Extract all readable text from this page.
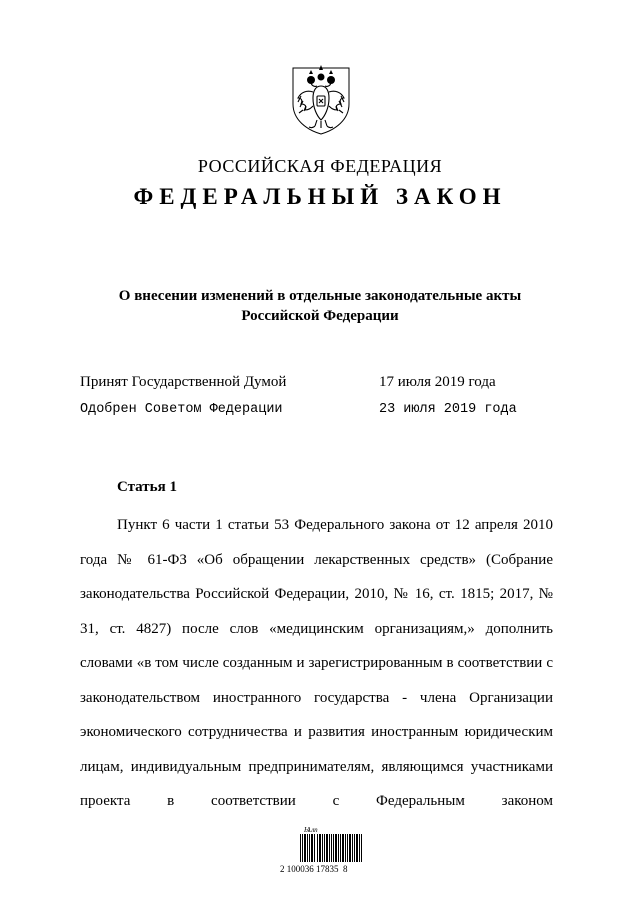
РОССИЙСКАЯ ФЕДЕРАЦИЯ
ФЕДЕРАЛЬНЫЙ ЗАКОН
О внесении изменений в отдельные законодательные акты Российской Федерации
Принят Государственной Думой	17 июля 2019 года
Одобрен Советом Федерации	23 июля 2019 года
Статья 1

Пункт 6 части 1 статьи 53 Федерального закона от 12 апреля 2010 года № 61-ФЗ «Об обращении лекарственных средств» (Собрание законодательства Российской Федерации, 2010, № 16, ст. 1815; 2017, № 31, ст. 4827) после слов «медицинским организациям,» дополнить словами «в том числе созданным и зарегистрированным в соответствии с законодательством иностранного государства - члена Организации экономического сотрудничества и развития иностранным юридическим лицам, индивидуальным предпринимателям, являющимся участниками проекта в соответствии с Федеральным законом

Ѩлп
2 100036 17835  8
